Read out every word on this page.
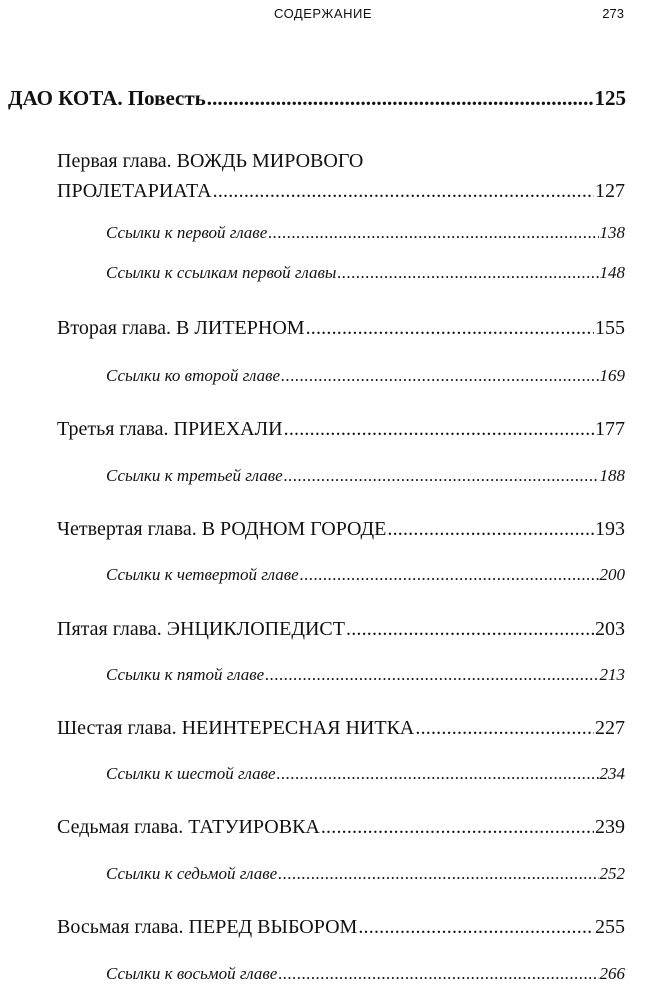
СОДЕРЖАНИЕ	273
ДАО КОТА. Повесть . . .	125
Первая глава. ВОЖДЬ МИРОВОГО
ПРОЛЕТАРИАТА . . .	127
Ссылки к первой главе . . .	138
Ссылки к ссылкам первой главы . . .	148
Вторая глава. В ЛИТЕРНОМ . . .	155
Ссылки ко второй главе . . .	169
Третья глава. ПРИЕХАЛИ . . .	177
Ссылки к третьей главе . . .	188
Четвертая глава. В РОДНОМ ГОРОДЕ . . .	193
Ссылки к четвертой главе . . .	200
Пятая глава. ЭНЦИКЛОПЕДИСТ . . .	203
Ссылки к пятой главе . . .	213
Шестая глава. НЕИНТЕРЕСНАЯ НИТКА . . .	227
Ссылки к шестой главе . . .	234
Седьмая глава. ТАТУИРОВКА . . .	239
Ссылки к седьмой главе . . .	252
Восьмая глава. ПЕРЕД ВЫБОРОМ . . .	255
Ссылки к восьмой главе . . .	266
